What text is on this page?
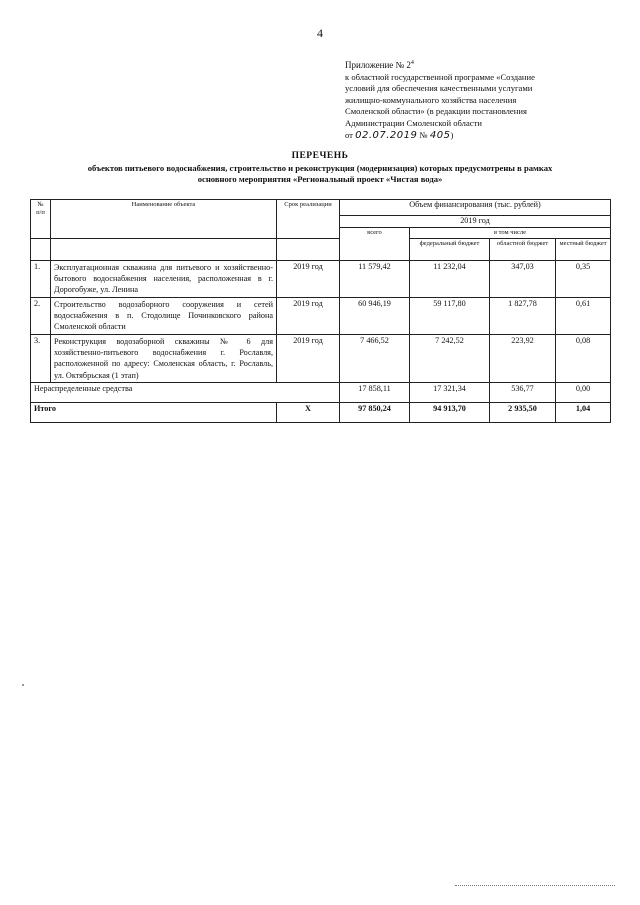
4
Приложение № $2^4$
к областной государственной программе «Создание
условий для обеспечения качественными услугами
жилищно-коммунального хозяйства населения
Смоленской области» (в редакции постановления
Администрации Смоленской области
от 02.07.2019 № 405)
ПЕРЕЧЕНЬ
объектов питьевого водоснабжения, строительство и реконструкция (модернизация) которых предусмотрены в рамках
основного мероприятия «Региональный проект «Чистая вода»
№ п/п	Наименование объекта	Срок реализации	Объем финансирования (тыс. рублей)			
			2019 год			
			всего	в том числе		
				федеральный бюджет	областной бюджет	местный бюджет
1.	Эксплуатационная скважина для питьевого и хозяйственно-бытового водоснабжения населения, расположенная в г. Дорогобуже, ул. Ленина	2019 год	11 579,42	11 232,04	347,03	0,35
2.	Строительство водозаборного сооружения и сетей водоснабжения в п. Стодолище Починковского района Смоленской области	2019 год	60 946,19	59 117,80	1 827,78	0,61
3.	Реконструкция водозаборной скважины № 6 для хозяйственно-питьевого водоснабжения г. Рославля, расположенной по адресу: Смоленская область, г. Рославль, ул. Октябрьская (1 этап)	2019 год	7 466,52	7 242,52	223,92	0,08
Нераспределенные средства			17 858,11	17 321,34	536,77	0,00
Итого		Х	97 850,24	94 913,70	2 935,50	1,04
